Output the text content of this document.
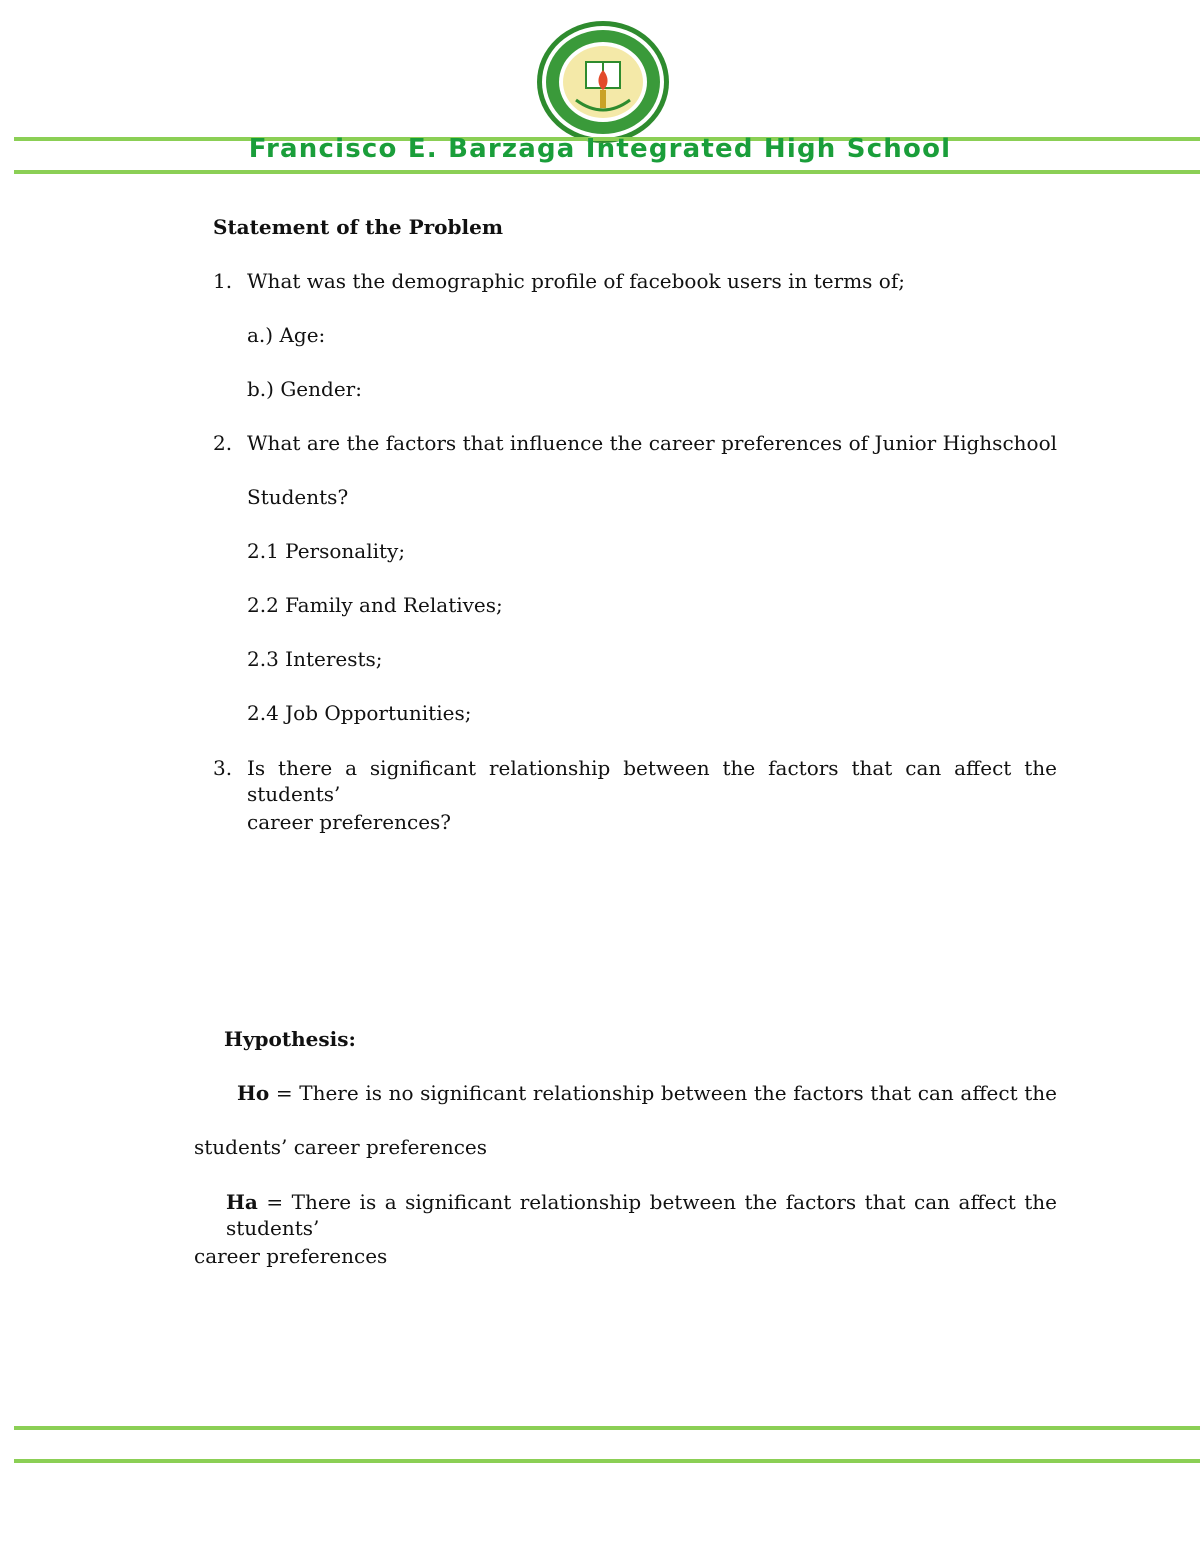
Francisco E. Barzaga Integrated High School
Statement of the Problem
1. What was the demographic profile of facebook users in terms of;
a.) Age:
b.) Gender:
2. What are the factors that influence the career preferences of Junior Highschool
Students?
2.1 Personality;
2.2 Family and Relatives;
2.3 Interests;
2.4 Job Opportunities;
3. Is there a significant relationship between the factors that can affect the students’
career preferences?
Hypothesis:
Ho = There is no significant relationship between the factors that can affect the
students’ career preferences
Ha = There is a significant relationship between the factors that can affect the students’
career preferences
